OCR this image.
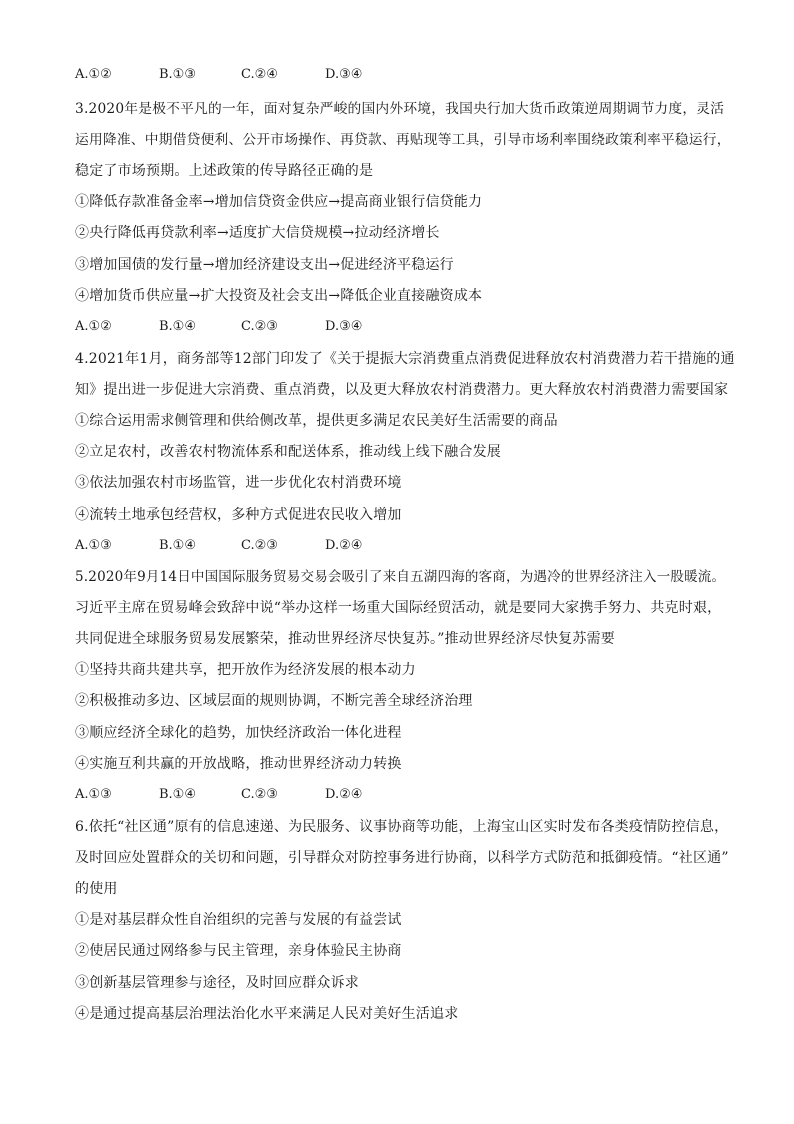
A.①②	B.①③	C.②④	D.③④
3.2020年是极不平凡的一年，面对复杂严峻的国内外环境，我国央行加大货币政策逆周期调节力度，灵活
运用降准、中期借贷便利、公开市场操作、再贷款、再贴现等工具，引导市场利率围绕政策利率平稳运行，
稳定了市场预期。上述政策的传导路径正确的是
①降低存款准备金率→增加信贷资金供应→提高商业银行信贷能力
②央行降低再贷款利率→适度扩大信贷规模→拉动经济增长
③增加国债的发行量→增加经济建设支出→促进经济平稳运行
④增加货币供应量→扩大投资及社会支出→降低企业直接融资成本
A.①②	B.①④	C.②③	D.③④
4.2021年1月，商务部等12部门印发了《关于提振大宗消费重点消费促进释放农村消费潜力若干措施的通
知》提出进一步促进大宗消费、重点消费，以及更大释放农村消费潜力。更大释放农村消费潜力需要国家
①综合运用需求侧管理和供给侧改革，提供更多满足农民美好生活需要的商品
②立足农村，改善农村物流体系和配送体系，推动线上线下融合发展
③依法加强农村市场监管，进一步优化农村消费环境
④流转土地承包经营权，多种方式促进农民收入增加
A.①③	B.①④	C.②③	D.②④
5.2020年9月14日中国国际服务贸易交易会吸引了来自五湖四海的客商，为遇冷的世界经济注入一股暖流。
习近平主席在贸易峰会致辞中说“举办这样一场重大国际经贸活动，就是要同大家携手努力、共克时艰，
共同促进全球服务贸易发展繁荣，推动世界经济尽快复苏。”推动世界经济尽快复苏需要
①坚持共商共建共享，把开放作为经济发展的根本动力
②积极推动多边、区域层面的规则协调，不断完善全球经济治理
③顺应经济全球化的趋势，加快经济政治一体化进程
④实施互利共赢的开放战略，推动世界经济动力转换
A.①③	B.①④	C.②③	D.②④
6.依托“社区通”原有的信息速递、为民服务、议事协商等功能，上海宝山区实时发布各类疫情防控信息，
及时回应处置群众的关切和问题，引导群众对防控事务进行协商，以科学方式防范和抵御疫情。“社区通”
的使用
①是对基层群众性自治组织的完善与发展的有益尝试
②使居民通过网络参与民主管理，亲身体验民主协商
③创新基层管理参与途径，及时回应群众诉求
④是通过提高基层治理法治化水平来满足人民对美好生活追求
